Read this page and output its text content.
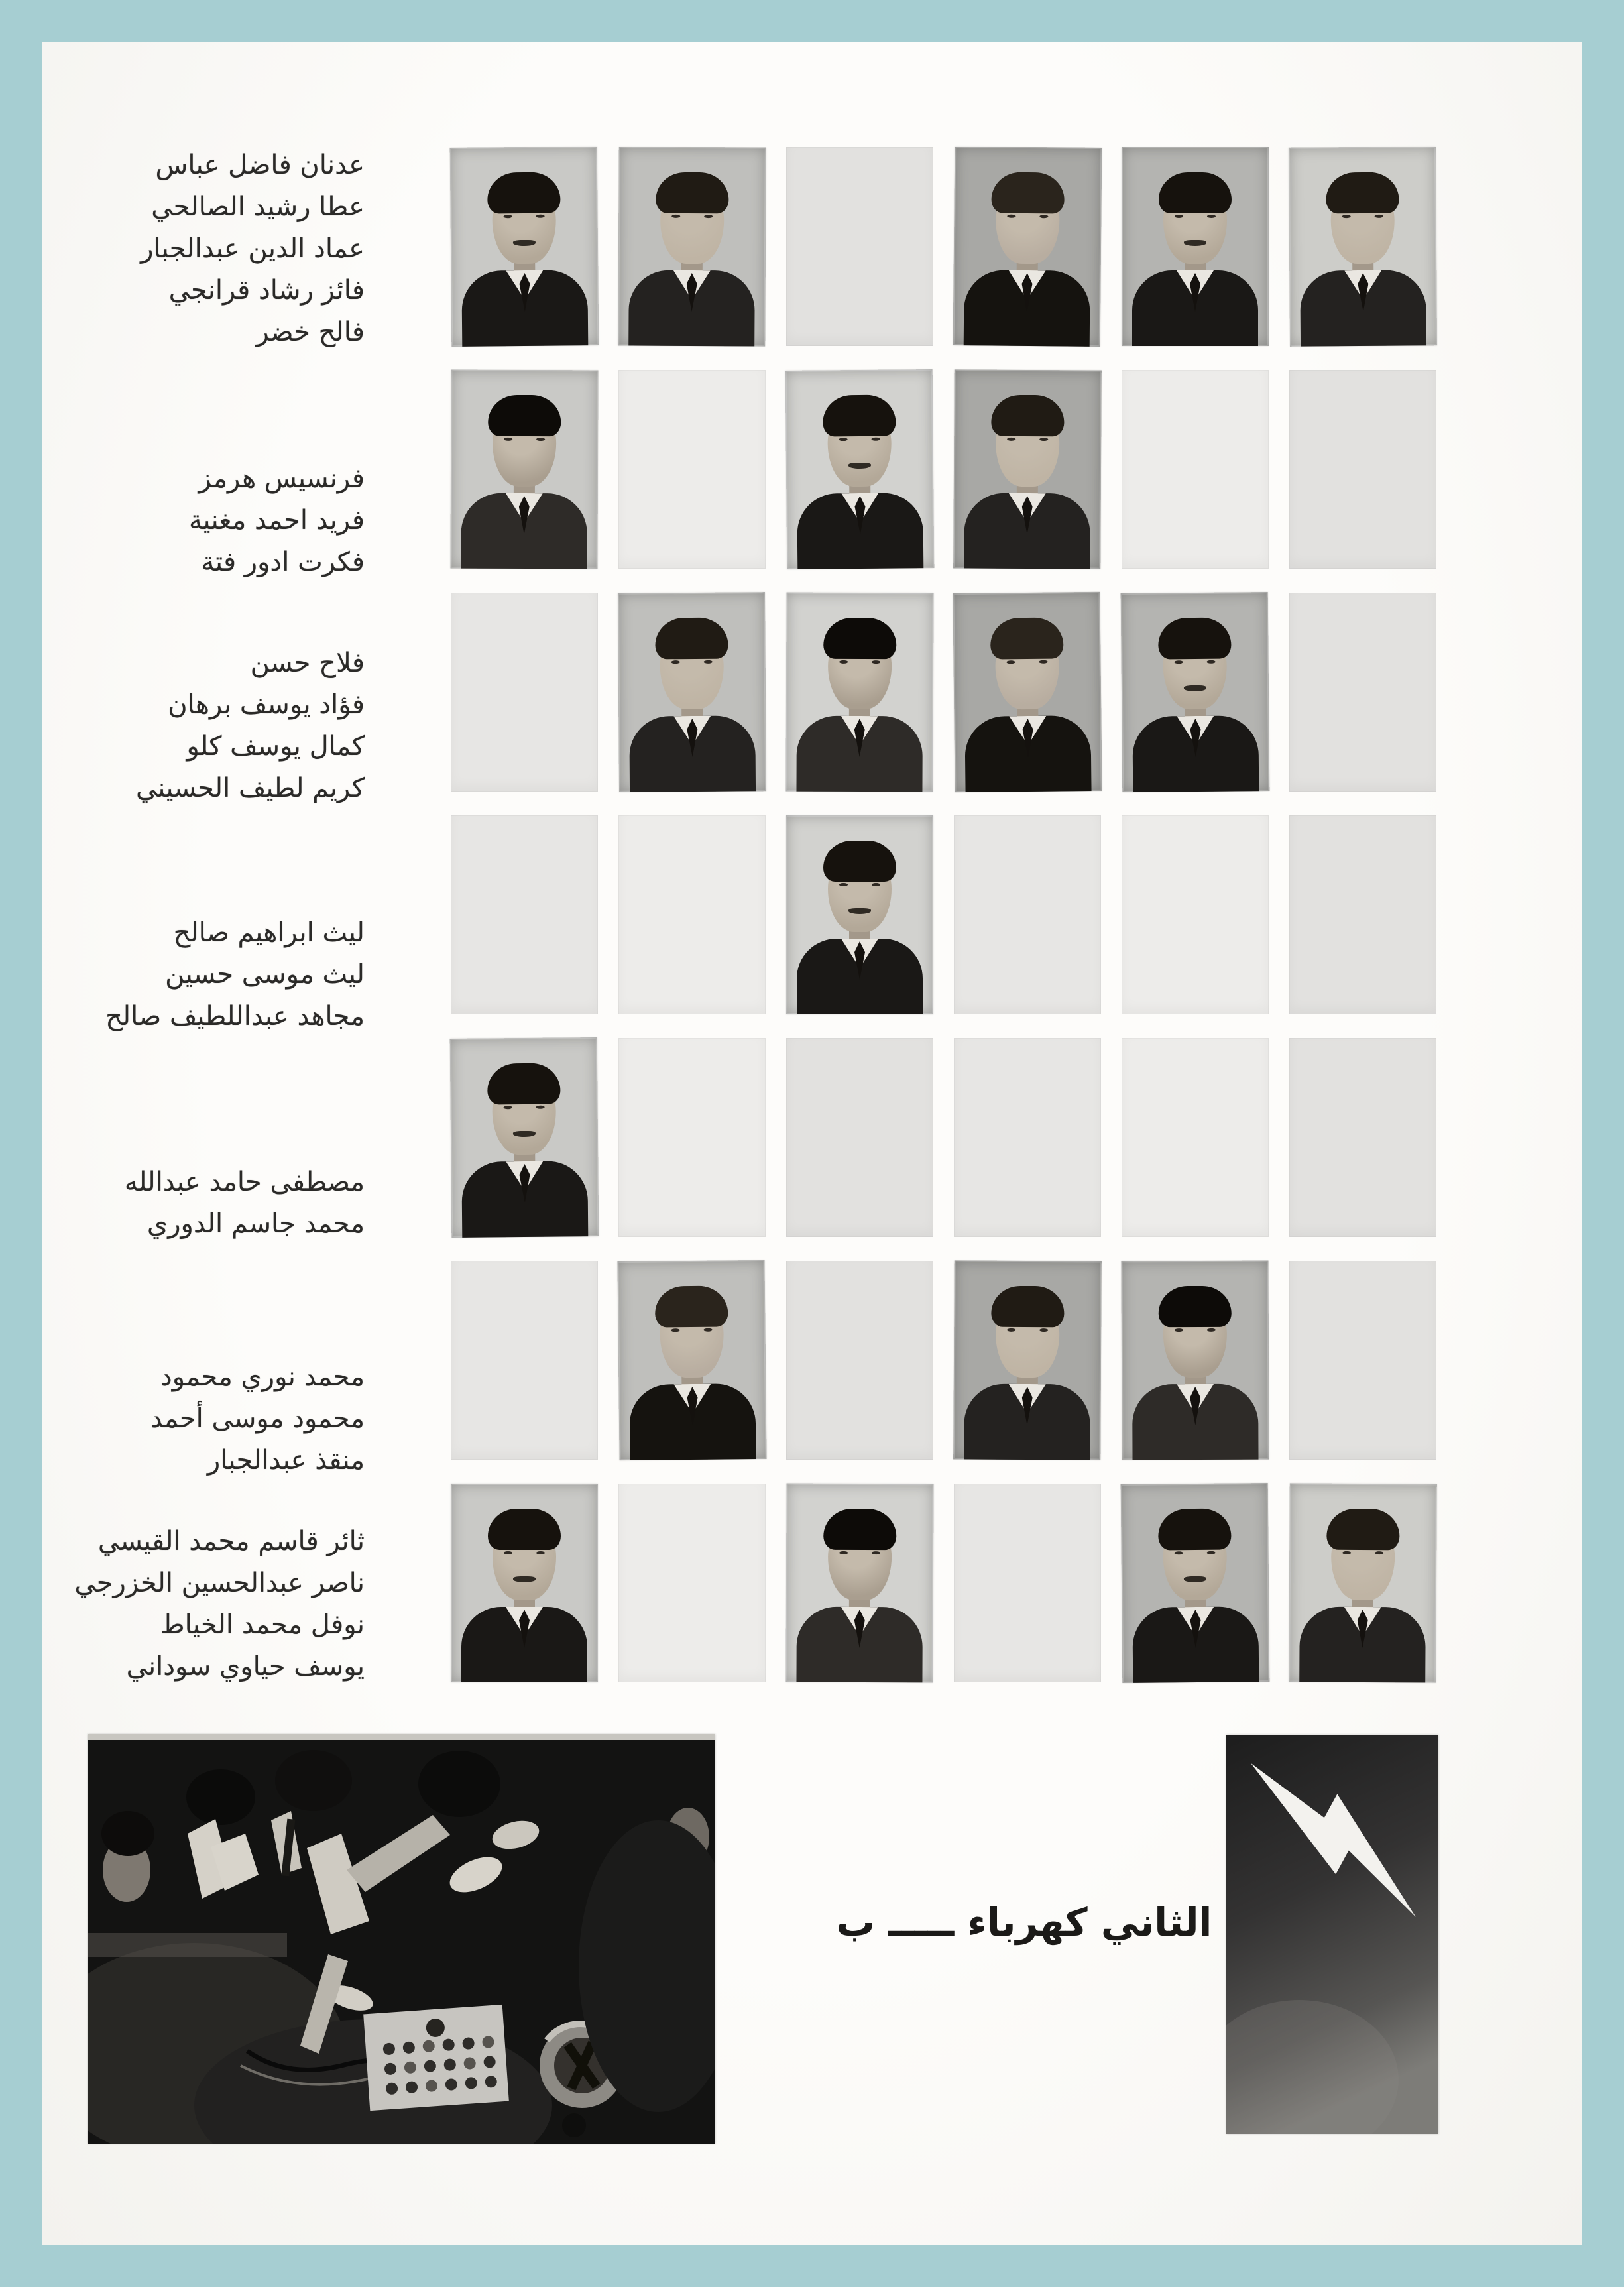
الثاني كهرباء ـــــ ب
عدنان فاضل عباس
عطا رشيد الصالحي
عماد الدين عبدالجبار
فائز رشاد قرانجي
فالح خضر
فرنسيس هرمز
فريد احمد مغنية
فكرت ادور فتة
فلاح حسن
فؤاد يوسف برهان
كمال يوسف كلو
كريم لطيف الحسيني
ليث ابراهيم صالح
ليث موسى حسين
مجاهد عبداللطيف صالح
مصطفى حامد عبدالله
محمد جاسم الدوري
محمد نوري محمود
محمود موسى أحمد
منقذ عبدالجبار
ثائر قاسم محمد القيسي
ناصر عبدالحسين الخزرجي
نوفل محمد الخياط
يوسف حياوي سوداني
